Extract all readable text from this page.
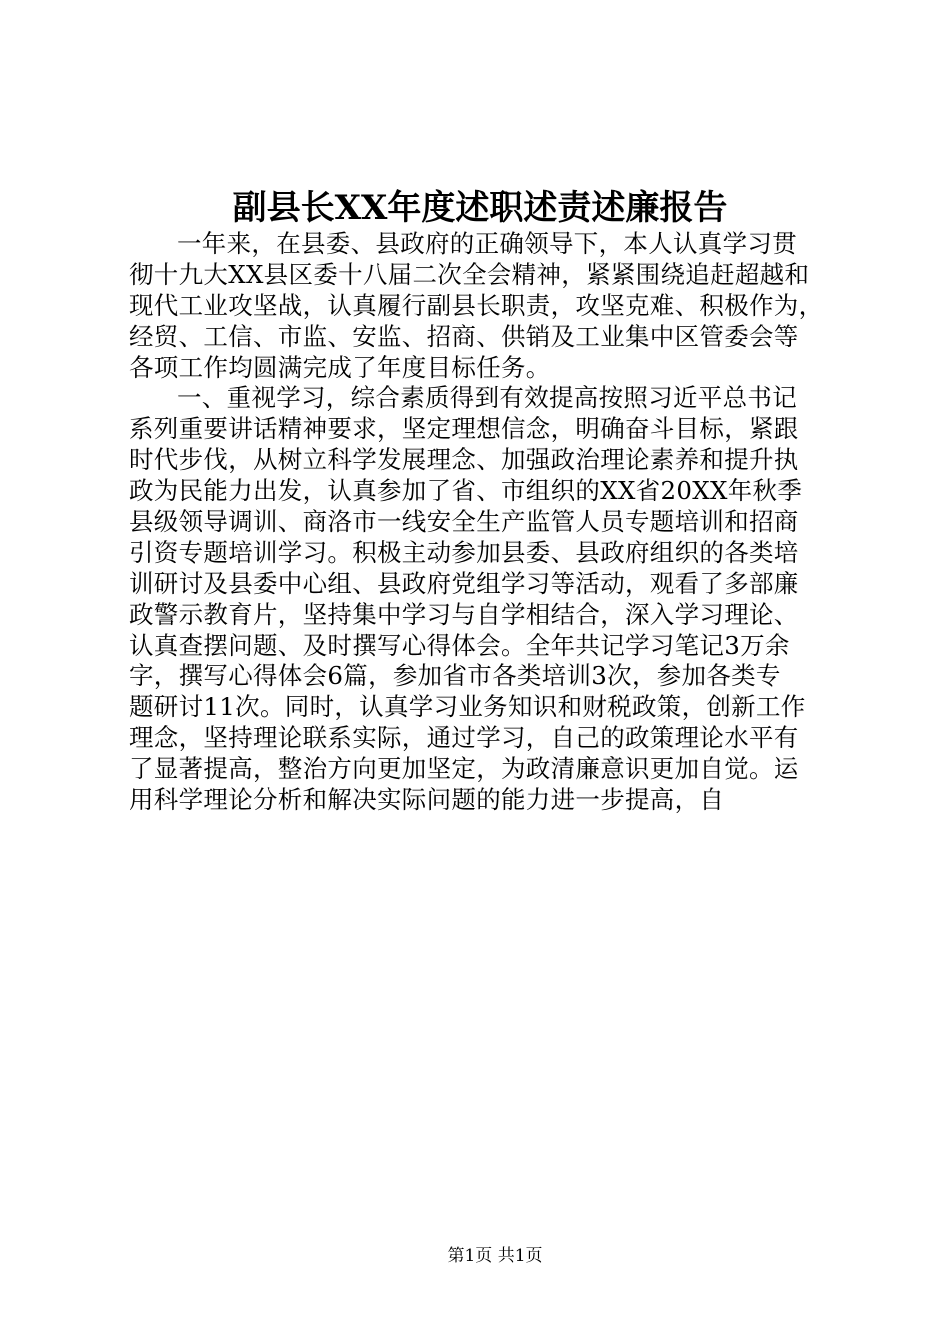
副县长XX年度述职述责述廉报告
一年来，在县委、县政府的正确领导下，本人认真学习贯
彻十九大XX县区委十八届二次全会精神，紧紧围绕追赶超越和
现代工业攻坚战，认真履行副县长职责，攻坚克难、积极作为，
经贸、工信、市监、安监、招商、供销及工业集中区管委会等
各项工作均圆满完成了年度目标任务。
一、重视学习，综合素质得到有效提高按照习近平总书记
系列重要讲话精神要求，坚定理想信念，明确奋斗目标，紧跟
时代步伐，从树立科学发展理念、加强政治理论素养和提升执
政为民能力出发，认真参加了省、市组织的XX省20XX年秋季
县级领导调训、商洛市一线安全生产监管人员专题培训和招商
引资专题培训学习。积极主动参加县委、县政府组织的各类培
训研讨及县委中心组、县政府党组学习等活动，观看了多部廉
政警示教育片，坚持集中学习与自学相结合，深入学习理论、
认真查摆问题、及时撰写心得体会。全年共记学习笔记3万余
字，撰写心得体会6篇，参加省市各类培训3次，参加各类专
题研讨11次。同时，认真学习业务知识和财税政策，创新工作
理念，坚持理论联系实际，通过学习，自己的政策理论水平有
了显著提高，整治方向更加坚定，为政清廉意识更加自觉。运
用科学理论分析和解决实际问题的能力进一步提高，自
第1页 共1页
